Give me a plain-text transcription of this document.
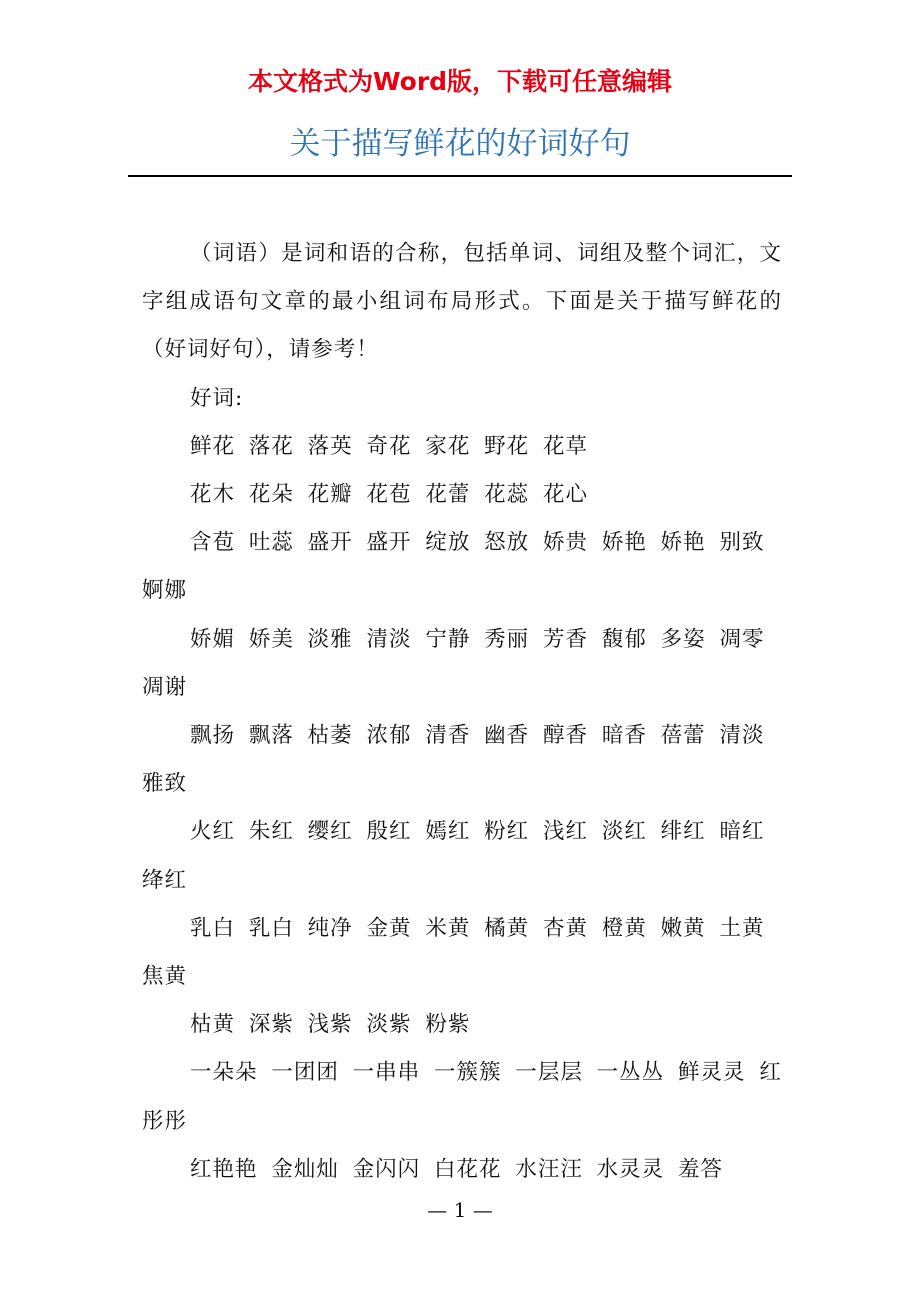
本文格式为Word版，下载可任意编辑
关于描写鲜花的好词好句

（词语）是词和语的合称，包括单词、词组及整个词汇，文字组成语句文章的最小组词布局形式。下面是关于描写鲜花的（好词好句），请参考！

好词:

鲜花 落花 落英 奇花 家花 野花 花草

花木 花朵 花瓣 花苞 花蕾 花蕊 花心

含苞 吐蕊 盛开 盛开 绽放 怒放 娇贵 娇艳 娇艳 别致 婀娜

娇媚 娇美 淡雅 清淡 宁静 秀丽 芳香 馥郁 多姿 凋零 凋谢

飘扬 飘落 枯萎 浓郁 清香 幽香 醇香 暗香 蓓蕾 清淡 雅致

火红 朱红 缨红 殷红 嫣红 粉红 浅红 淡红 绯红 暗红 绛红

乳白 乳白 纯净 金黄 米黄 橘黄 杏黄 橙黄 嫩黄 土黄 焦黄

枯黄 深紫 浅紫 淡紫 粉紫

一朵朵 一团团 一串串 一簇簇 一层层 一丛丛 鲜灵灵 红彤彤

红艳艳 金灿灿 金闪闪 白花花 水汪汪 水灵灵 羞答

— 1 —
